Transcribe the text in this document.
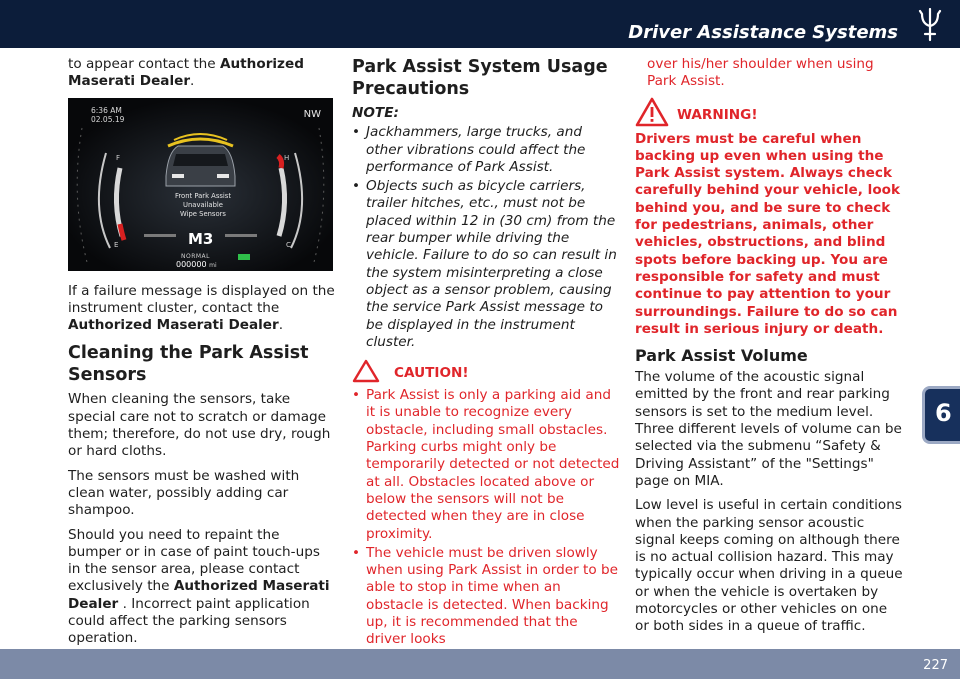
Driver Assistance Systems

to appear contact the Authorized Maserati Dealer.

6:36 AM
02.05.19	NW
Front Park Assist
Unavailable
Wipe Sensors
M3
NORMAL
000000 mi
F
E
H
C

If a failure message is displayed on the instrument cluster, contact the Authorized Maserati Dealer.

Cleaning the Park Assist Sensors

When cleaning the sensors, take special care not to scratch or damage them; therefore, do not use dry, rough or hard cloths.

The sensors must be washed with clean water, possibly adding car shampoo.

Should you need to repaint the bumper or in case of paint touch-ups in the sensor area, please contact exclusively the Authorized Maserati Dealer . Incorrect paint application could affect the parking sensors operation.

Park Assist System Usage Precautions
NOTE:
• Jackhammers, large trucks, and other vibrations could affect the performance of Park Assist.
• Objects such as bicycle carriers, trailer hitches, etc., must not be placed within 12 in (30 cm) from the rear bumper while driving the vehicle. Failure to do so can result in the system misinterpreting a close object as a sensor problem, causing the service Park Assist message to be displayed in the instrument cluster.
CAUTION!
• Park Assist is only a parking aid and it is unable to recognize every obstacle, including small obstacles. Parking curbs might only be temporarily detected or not detected at all. Obstacles located above or below the sensors will not be detected when they are in close proximity.
• The vehicle must be driven slowly when using Park Assist in order to be able to stop in time when an obstacle is detected. When backing up, it is recommended that the driver looks
over his/her shoulder when using Park Assist.
WARNING!

Drivers must be careful when backing up even when using the Park Assist system. Always check carefully behind your vehicle, look behind you, and be sure to check for pedestrians, animals, other vehicles, obstructions, and blind spots before backing up. You are responsible for safety and must continue to pay attention to your surroundings. Failure to do so can result in serious injury or death.

Park Assist Volume

The volume of the acoustic signal emitted by the front and rear parking sensors is set to the medium level. Three different levels of volume can be selected via the submenu “Safety & Driving Assistant” of the "Settings" page on MIA.

Low level is useful in certain conditions when the parking sensor acoustic signal keeps coming on although there is no actual collision hazard. This may typically occur when driving in a queue or when the vehicle is overtaken by motorcycles or other vehicles on one or both sides in a queue of traffic.

6
227
